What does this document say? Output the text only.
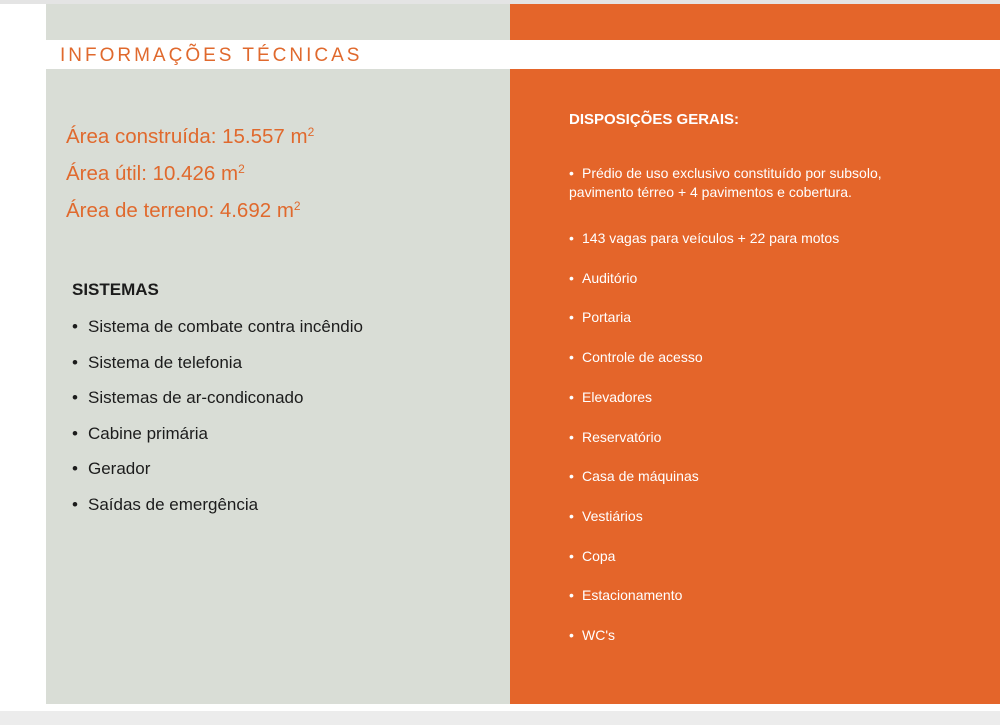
INFORMAÇÕES TÉCNICAS
Área construída: 15.557 $m^2$
Área útil: 10.426 $m^2$
Área de terreno: 4.692 $m^2$
SISTEMAS
• Sistema de combate contra incêndio
• Sistema de telefonia
• Sistemas de ar-condiconado
• Cabine primária
• Gerador
• Saídas de emergência
DISPOSIÇÕES GERAIS:
• Prédio de uso exclusivo constituído por subsolo,
pavimento térreo + 4 pavimentos e cobertura.
• 143 vagas para veículos + 22 para motos
• Auditório
• Portaria
• Controle de acesso
• Elevadores
• Reservatório
• Casa de máquinas
• Vestiários
• Copa
• Estacionamento
• WC's
